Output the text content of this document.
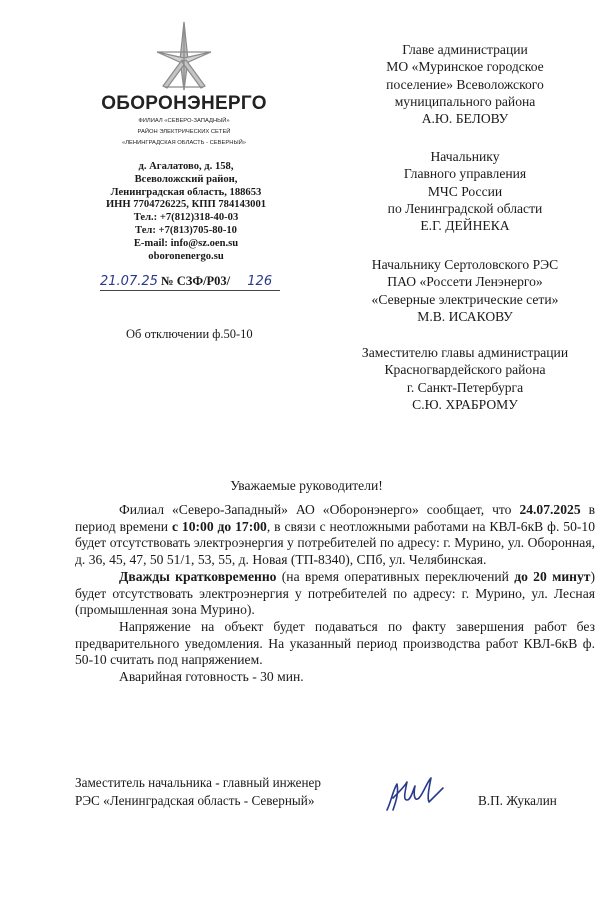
ОБОРОНЭНЕРГО
ФИЛИАЛ «СЕВЕРО-ЗАПАДНЫЙ»
РАЙОН ЭЛЕКТРИЧЕСКИХ СЕТЕЙ
«ЛЕНИНГРАДСКАЯ ОБЛАСТЬ - СЕВЕРНЫЙ»
д. Агалатово, д. 158,
Всеволожский район,
Ленинградская область, 188653
ИНН 7704726225, КПП 784143001
Тел.: +7(812)318-40-03
Тел: +7(813)705-80-10
E-mail: info@sz.oen.su
oboronenergo.su
21.07.25 № СЗФ/Р03/ 126
Об отключении ф.50-10
Главе администрации
МО «Муринское городское
поселение» Всеволожского
муниципального района
А.Ю. БЕЛОВУ
Начальнику
Главного управления
МЧС России
по Ленинградской области
Е.Г. ДЕЙНЕКА
Начальнику Сертоловского РЭС
ПАО «Россети Ленэнерго»
«Северные электрические сети»
М.В. ИСАКОВУ
Заместителю главы администрации
Красногвардейского района
г. Санкт-Петербурга
С.Ю. ХРАБРОМУ
Уважаемые руководители!

Филиал «Северо-Западный» АО «Оборонэнерго» сообщает, что 24.07.2025 в период времени с 10:00 до 17:00, в связи с неотложными работами на КВЛ-6кВ ф. 50-10 будет отсутствовать электроэнергия у потребителей по адресу: г. Мурино, ул. Оборонная, д. 36, 45, 47, 50 51/1, 53, 55, д. Новая (ТП-8340), СПб, ул. Челябинская.

Дважды кратковременно (на время оперативных переключений до 20 минут) будет отсутствовать электроэнергия у потребителей по адресу: г. Мурино, ул. Лесная (промышленная зона Мурино).

Напряжение на объект будет подаваться по факту завершения работ без предварительного уведомления. На указанный период производства работ КВЛ-6кВ ф. 50-10 считать под напряжением.

Аварийная готовность - 30 мин.

Заместитель начальника - главный инженер
РЭС «Ленинградская область - Северный»	В.П. Жукалин
